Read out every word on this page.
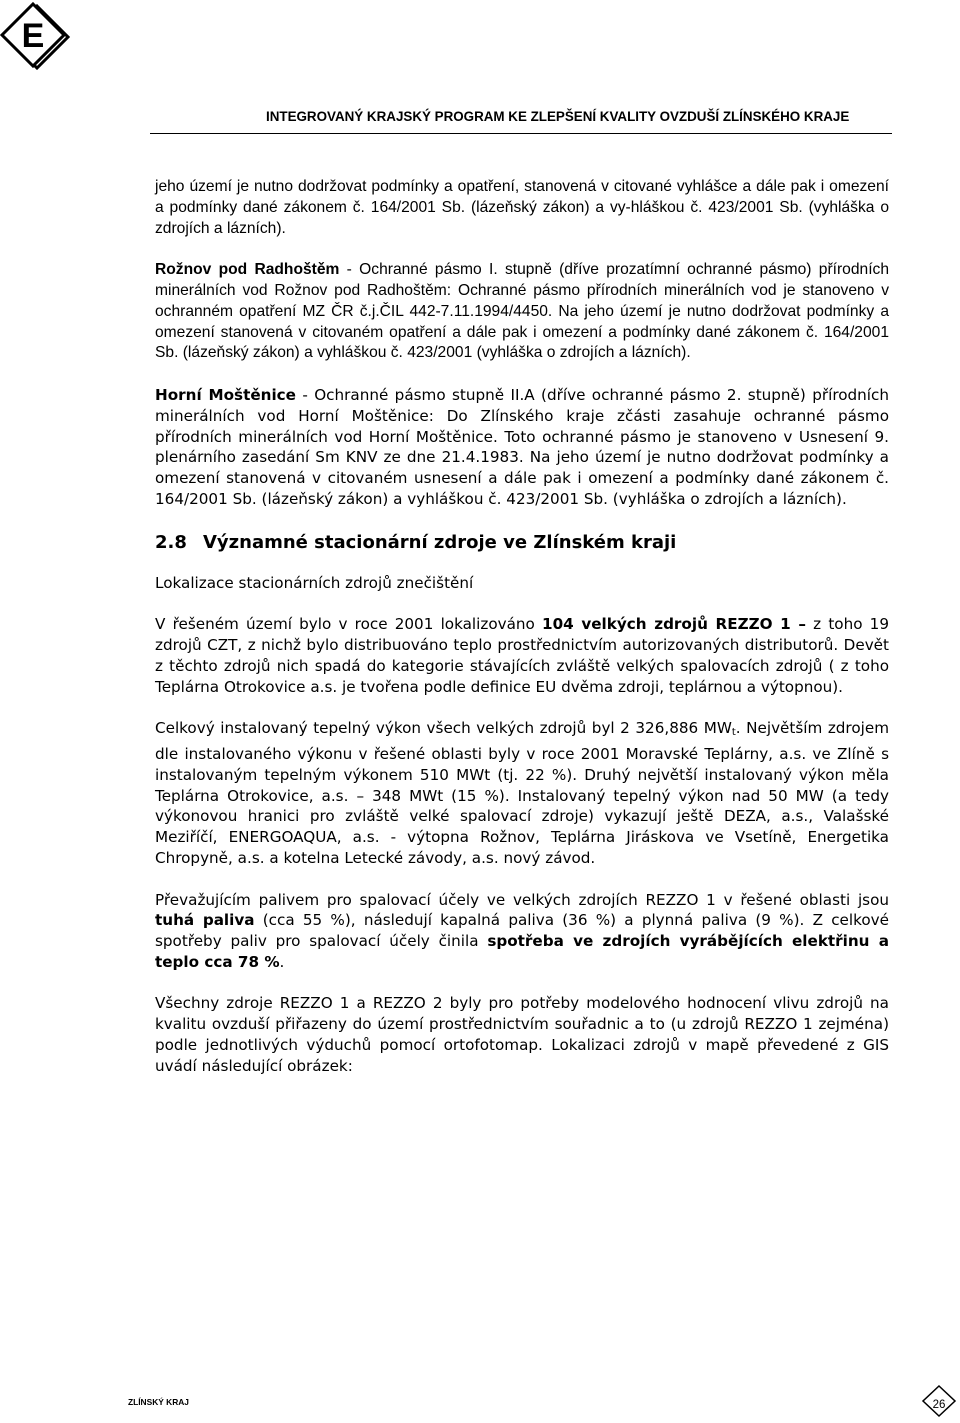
E
INTEGROVANÝ KRAJSKÝ PROGRAM KE ZLEPŠENÍ KVALITY OVZDUŠÍ ZLÍNSKÉHO KRAJE

jeho území je nutno dodržovat podmínky a opatření, stanovená v citované vyhlášce a dále pak i omezení a podmínky dané zákonem č. 164/2001 Sb. (lázeňský zákon) a vy-hláškou č. 423/2001 Sb. (vyhláška o zdrojích a lázních).

Rožnov pod Radhoštěm - Ochranné pásmo I. stupně (dříve prozatímní ochranné pásmo) přírodních minerálních vod Rožnov pod Radhoštěm: Ochranné pásmo přírodních minerálních vod je stanoveno v ochranném opatření MZ ČR č.j.ČIL 442-7.11.1994/4450. Na jeho území je nutno dodržovat podmínky a omezení stanovená v citovaném opatření a dále pak i omezení a podmínky dané zákonem č. 164/2001 Sb. (lázeňský zákon) a vyhláškou č. 423/2001 (vyhláška o zdrojích a lázních).

Horní Moštěnice - Ochranné pásmo stupně II.A (dříve ochranné pásmo 2. stupně) přírodních minerálních vod Horní Moštěnice: Do Zlínského kraje zčásti zasahuje ochranné pásmo přírodních minerálních vod Horní Moštěnice. Toto ochranné pásmo je stanoveno v Usnesení 9. plenárního zasedání Sm KNV ze dne 21.4.1983. Na jeho území je nutno dodržovat podmínky a omezení stanovená v citovaném usnesení a dále pak i omezení a podmínky dané zákonem č. 164/2001 Sb. (lázeňský zákon) a vyhláškou č. 423/2001 Sb. (vyhláška o zdrojích a lázních).

2.8 Významné stacionární zdroje ve Zlínském kraji

Lokalizace stacionárních zdrojů znečištění

V řešeném území bylo v roce 2001 lokalizováno 104 velkých zdrojů REZZO 1 – z toho 19 zdrojů CZT, z nichž bylo distribuováno teplo prostřednictvím autorizovaných distributorů. Devět z těchto zdrojů nich spadá do kategorie stávajících zvláště velkých spalovacích zdrojů ( z toho Teplárna Otrokovice a.s. je tvořena podle definice EU dvěma zdroji, teplárnou a výtopnou).

Celkový instalovaný tepelný výkon všech velkých zdrojů byl 2 326,886 $MW_t$. Největším zdrojem dle instalovaného výkonu v řešené oblasti byly v roce 2001 Moravské Teplárny, a.s. ve Zlíně s instalovaným tepelným výkonem 510 MWt (tj. 22 %). Druhý největší instalovaný výkon měla Teplárna Otrokovice, a.s. – 348 MWt (15 %). Instalovaný tepelný výkon nad 50 MW (a tedy výkonovou hranici pro zvláště velké spalovací zdroje) vykazují ještě DEZA, a.s., Valašské Meziříčí, ENERGOAQUA, a.s. - výtopna Rožnov, Teplárna Jiráskova ve Vsetíně, Energetika Chropyně, a.s. a kotelna Letecké závody, a.s. nový závod.

Převažujícím palivem pro spalovací účely ve velkých zdrojích REZZO 1 v řešené oblasti jsou tuhá paliva (cca 55 %), následují kapalná paliva (36 %) a plynná paliva (9 %). Z celkové spotřeby paliv pro spalovací účely činila spotřeba ve zdrojích vyrábějících elektřinu a teplo cca 78 %.

Všechny zdroje REZZO 1 a REZZO 2 byly pro potřeby modelového hodnocení vlivu zdrojů na kvalitu ovzduší přiřazeny do území prostřednictvím souřadnic a to (u zdrojů REZZO 1 zejména) podle jednotlivých výduchů pomocí ortofotomap. Lokalizaci zdrojů v mapě převedené z GIS uvádí následující obrázek:

ZLÍNSKÝ KRAJ	26
